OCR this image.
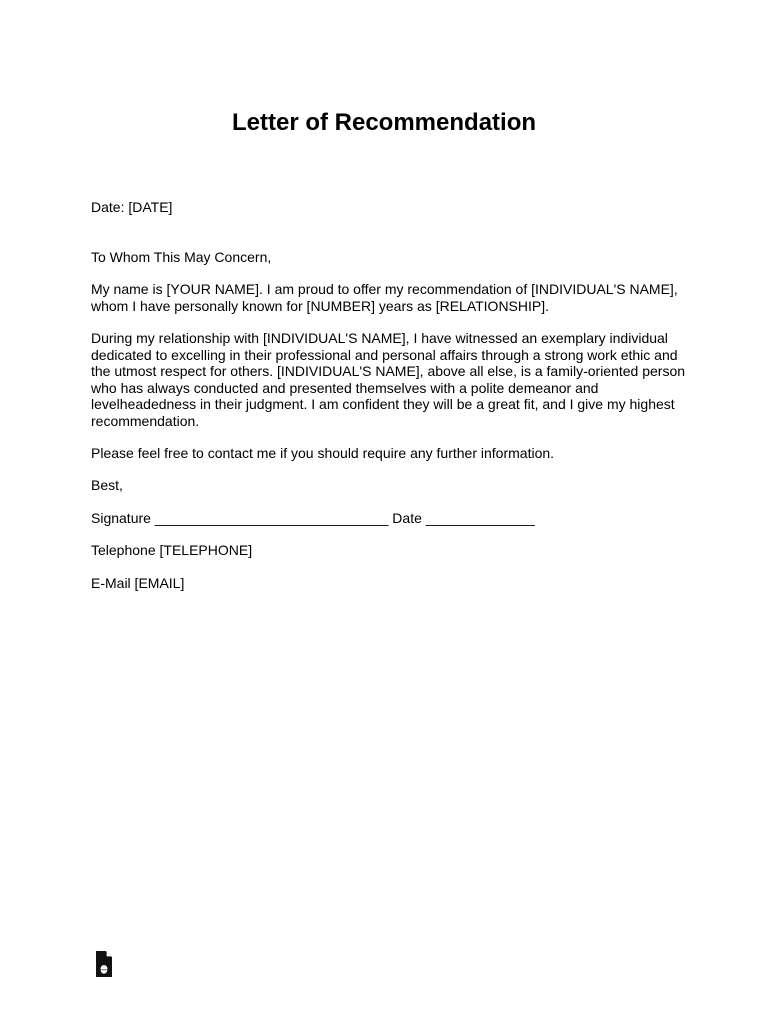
Letter of Recommendation
Date: [DATE]
To Whom This May Concern,
My name is [YOUR NAME]. I am proud to offer my recommendation of [INDIVIDUAL'S NAME],
whom I have personally known for [NUMBER] years as [RELATIONSHIP].
During my relationship with [INDIVIDUAL'S NAME], I have witnessed an exemplary individual
dedicated to excelling in their professional and personal affairs through a strong work ethic and
the utmost respect for others. [INDIVIDUAL'S NAME], above all else, is a family-oriented person
who has always conducted and presented themselves with a polite demeanor and
levelheadedness in their judgment. I am confident they will be a great fit, and I give my highest
recommendation.
Please feel free to contact me if you should require any further information.
Best,
Signature ______________________________ Date ______________
Telephone [TELEPHONE]
E-Mail [EMAIL]
